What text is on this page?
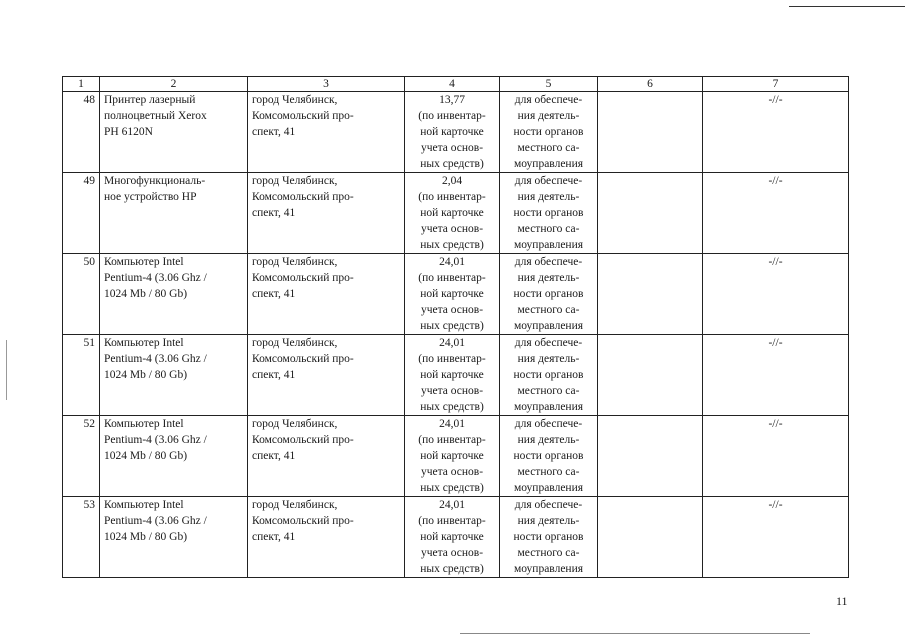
1	2	3	4	5	6	7
48	Принтер лазерный
полноцветный Xerox
PH 6120N	город Челябинск,
Комсомольский про-
спект, 41	13,77
(по инвентар-
ной карточке
учета основ-
ных средств)	для обеспече-
ния деятель-
ности органов
местного са-
моуправления		-//-
49	Многофункциональ-
ное устройство HP	город Челябинск,
Комсомольский про-
спект, 41	2,04
(по инвентар-
ной карточке
учета основ-
ных средств)	для обеспече-
ния деятель-
ности органов
местного са-
моуправления		-//-
50	Компьютер Intel
Pentium-4 (3.06 Ghz /
1024 Mb / 80 Gb)	город Челябинск,
Комсомольский про-
спект, 41	24,01
(по инвентар-
ной карточке
учета основ-
ных средств)	для обеспече-
ния деятель-
ности органов
местного са-
моуправления		-//-
51	Компьютер Intel
Pentium-4 (3.06 Ghz /
1024 Mb / 80 Gb)	город Челябинск,
Комсомольский про-
спект, 41	24,01
(по инвентар-
ной карточке
учета основ-
ных средств)	для обеспече-
ния деятель-
ности органов
местного са-
моуправления		-//-
52	Компьютер Intel
Pentium-4 (3.06 Ghz /
1024 Mb / 80 Gb)	город Челябинск,
Комсомольский про-
спект, 41	24,01
(по инвентар-
ной карточке
учета основ-
ных средств)	для обеспече-
ния деятель-
ности органов
местного са-
моуправления		-//-
53	Компьютер Intel
Pentium-4 (3.06 Ghz /
1024 Mb / 80 Gb)	город Челябинск,
Комсомольский про-
спект, 41	24,01
(по инвентар-
ной карточке
учета основ-
ных средств)	для обеспече-
ния деятель-
ности органов
местного са-
моуправления		-//-
11
